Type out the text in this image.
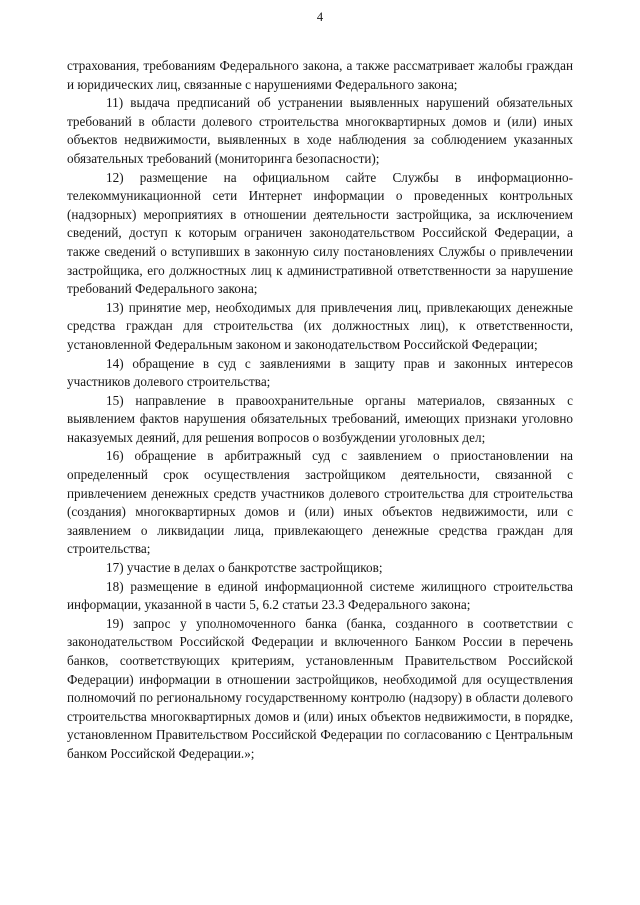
4

страхования, требованиям Федерального закона, а также рассматривает жалобы граждан и юридических лиц, связанные с нарушениями Федерального закона;

11) выдача предписаний об устранении выявленных нарушений обязательных требований в области долевого строительства многоквартирных домов и (или) иных объектов недвижимости, выявленных в ходе наблюдения за соблюдением указанных обязательных требований (мониторинга безопасности);

12) размещение на официальном сайте Службы в информационно-телекоммуникационной сети Интернет информации о проведенных контрольных (надзорных) мероприятиях в отношении деятельности застройщика, за исключением сведений, доступ к которым ограничен законодательством Российской Федерации, а также сведений о вступивших в законную силу постановлениях Службы о привлечении застройщика, его должностных лиц к административной ответственности за нарушение требований Федерального закона;

13) принятие мер, необходимых для привлечения лиц, привлекающих денежные средства граждан для строительства (их должностных лиц), к ответственности, установленной Федеральным законом и законодательством Российской Федерации;

14) обращение в суд с заявлениями в защиту прав и законных интересов участников долевого строительства;

15) направление в правоохранительные органы материалов, связанных с выявлением фактов нарушения обязательных требований, имеющих признаки уголовно наказуемых деяний, для решения вопросов о возбуждении уголовных дел;

16) обращение в арбитражный суд с заявлением о приостановлении на определенный срок осуществления застройщиком деятельности, связанной с привлечением денежных средств участников долевого строительства для строительства (создания) многоквартирных домов и (или) иных объектов недвижимости, или с заявлением о ликвидации лица, привлекающего денежные средства граждан для строительства;

17) участие в делах о банкротстве застройщиков;

18) размещение в единой информационной системе жилищного строительства информации, указанной в части 5, 6.2 статьи 23.3 Федерального закона;

19) запрос у уполномоченного банка (банка, созданного в соответствии с законодательством Российской Федерации и включенного Банком России в перечень банков, соответствующих критериям, установленным Правительством Российской Федерации) информации в отношении застройщиков, необходимой для осуществления полномочий по региональному государственному контролю (надзору) в области долевого строительства многоквартирных домов и (или) иных объектов недвижимости, в порядке, установленном Правительством Российской Федерации по согласованию с Центральным банком Российской Федерации.»;
